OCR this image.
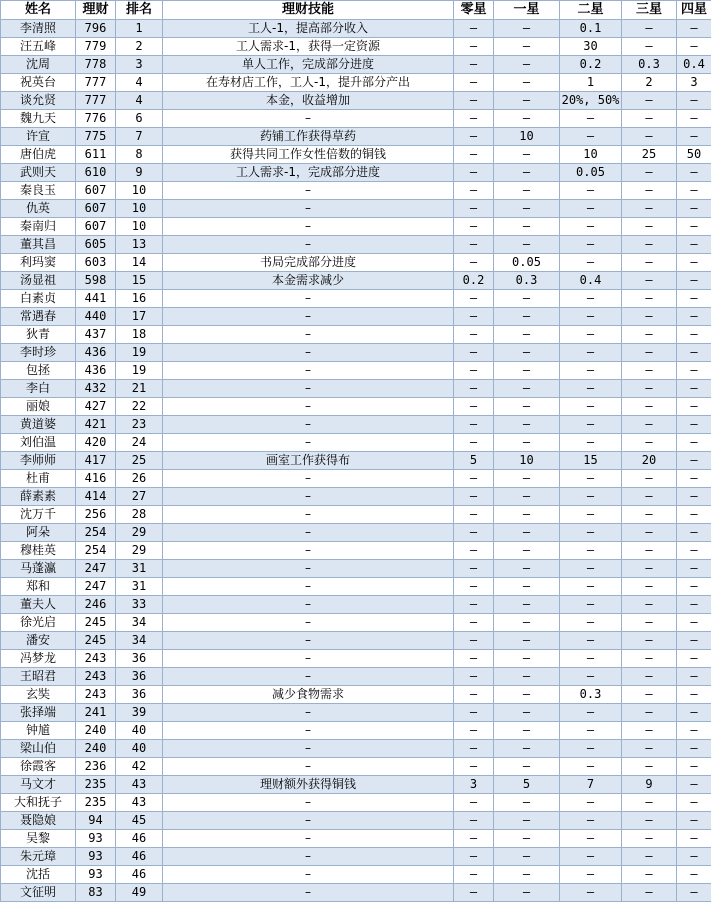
姓名	理财	排名	理财技能	零星	一星	二星	三星	四星
李清照	796	1	工人-1，提高部分收入	–	–	0.1	–	–
汪五峰	779	2	工人需求-1，获得一定资源	–	–	30	–	–
沈周	778	3	单人工作，完成部分进度	–	–	0.2	0.3	0.4
祝英台	777	4	在寿材店工作，工人-1，提升部分产出	–	–	1	2	3
谈允贤	777	4	本金，收益增加	–	–	20%, 50%	–	–
魏九天	776	6	–	–	–	–	–	–
许宣	775	7	药铺工作获得草药	–	10	–	–	–
唐伯虎	611	8	获得共同工作女性倍数的铜钱	–	–	10	25	50
武则天	610	9	工人需求-1，完成部分进度	–	–	0.05	–	–
秦良玉	607	10	–	–	–	–	–	–
仇英	607	10	–	–	–	–	–	–
秦南归	607	10	–	–	–	–	–	–
董其昌	605	13	–	–	–	–	–	–
利玛窦	603	14	书局完成部分进度	–	0.05	–	–	–
汤显祖	598	15	本金需求减少	0.2	0.3	0.4	–	–
白素贞	441	16	–	–	–	–	–	–
常遇春	440	17	–	–	–	–	–	–
狄青	437	18	–	–	–	–	–	–
李时珍	436	19	–	–	–	–	–	–
包拯	436	19	–	–	–	–	–	–
李白	432	21	–	–	–	–	–	–
丽娘	427	22	–	–	–	–	–	–
黄道婆	421	23	–	–	–	–	–	–
刘伯温	420	24	–	–	–	–	–	–
李师师	417	25	画室工作获得布	5	10	15	20	–
杜甫	416	26	–	–	–	–	–	–
薛素素	414	27	–	–	–	–	–	–
沈万千	256	28	–	–	–	–	–	–
阿朵	254	29	–	–	–	–	–	–
穆桂英	254	29	–	–	–	–	–	–
马蓬瀛	247	31	–	–	–	–	–	–
郑和	247	31	–	–	–	–	–	–
董夫人	246	33	–	–	–	–	–	–
徐光启	245	34	–	–	–	–	–	–
潘安	245	34	–	–	–	–	–	–
冯梦龙	243	36	–	–	–	–	–	–
王昭君	243	36	–	–	–	–	–	–
玄奘	243	36	减少食物需求	–	–	0.3	–	–
张择端	241	39	–	–	–	–	–	–
钟馗	240	40	–	–	–	–	–	–
梁山伯	240	40	–	–	–	–	–	–
徐霞客	236	42	–	–	–	–	–	–
马文才	235	43	理财额外获得铜钱	3	5	7	9	–
大和抚子	235	43	–	–	–	–	–	–
聂隐娘	94	45	–	–	–	–	–	–
吴黎	93	46	–	–	–	–	–	–
朱元璋	93	46	–	–	–	–	–	–
沈括	93	46	–	–	–	–	–	–
文征明	83	49	–	–	–	–	–	–
